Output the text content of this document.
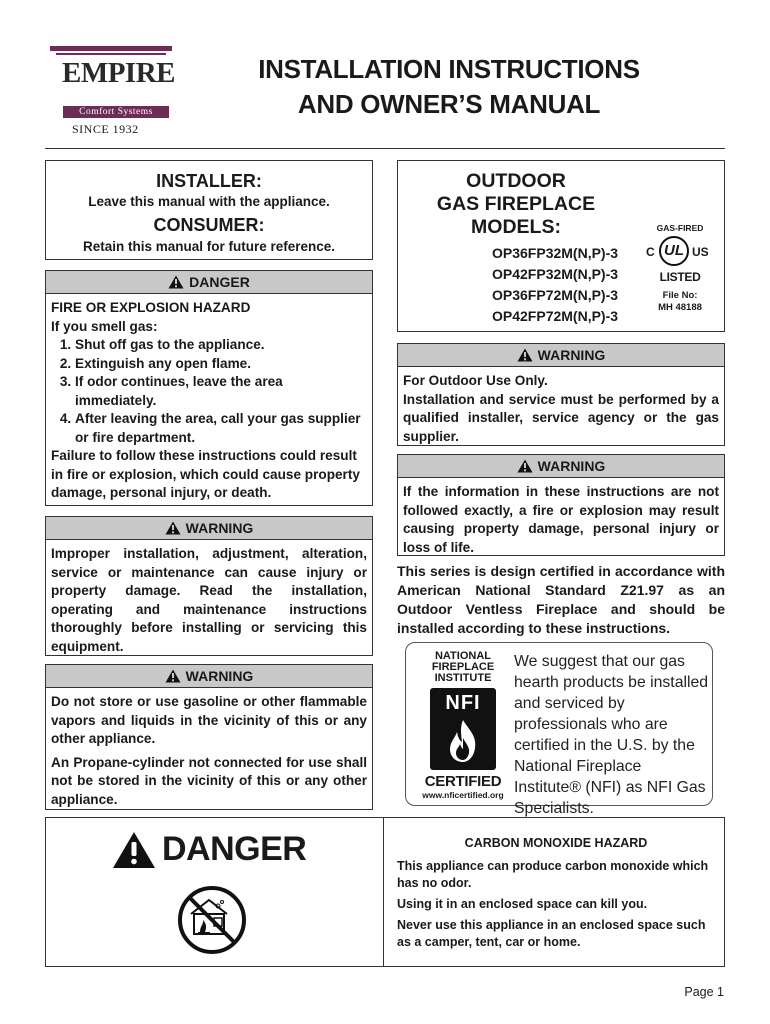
EMPIRE
Comfort Systems
SINCE 1932
INSTALLATION INSTRUCTIONS
AND OWNER’S MANUAL
INSTALLER:
Leave this manual with the appliance.
CONSUMER:
Retain this manual for future reference.
DANGER
FIRE OR EXPLOSION HAZARD
If you smell gas:
1. Shut off gas to the appliance.
2. Extinguish any open flame.
3. If odor continues, leave the area immediately.
4. After leaving the area, call your gas supplier or fire department.
Failure to follow these instructions could result in fire or explosion, which could cause property damage, personal injury, or death.
WARNING
Improper installation, adjustment, alteration, service or maintenance can cause injury or property damage. Read the installation, operating and maintenance instructions thoroughly before installing or servicing this equipment.
WARNING
Do not store or use gasoline or other flammable vapors and liquids in the vicinity of this or any other appliance.
An Propane-cylinder not connected for use shall not be stored in the vicinity of this or any other appliance.
OUTDOOR
GAS FIREPLACE
MODELS:
OP36FP32M(N,P)-3
OP42FP32M(N,P)-3
OP36FP72M(N,P)-3
OP42FP72M(N,P)-3
GAS-FIRED
C UL US
LISTED
File No:
MH 48188
WARNING
For Outdoor Use Only.
Installation and service must be performed by a qualified installer, service agency or the gas supplier.
WARNING
If the information in these instructions are not followed exactly, a fire or explosion may result causing property damage, personal injury or loss of life.
This series is design certified in accordance with American National Standard Z21.97 as an Outdoor Ventless Fireplace and should be installed according to these instructions.
NATIONAL
FIREPLACE
INSTITUTE
NFI
CERTIFIED
www.nficertified.org
We suggest that our gas hearth products be installed and serviced by professionals who are certified in the U.S. by the National Fireplace Institute® (NFI) as NFI Gas Specialists.
DANGER	CARBON MONOXIDE HAZARD

This appliance can produce carbon monoxide which has no odor.

Using it in an enclosed space can kill you.

Never use this appliance in an enclosed space such as a camper, tent, car or home.

Page 1
